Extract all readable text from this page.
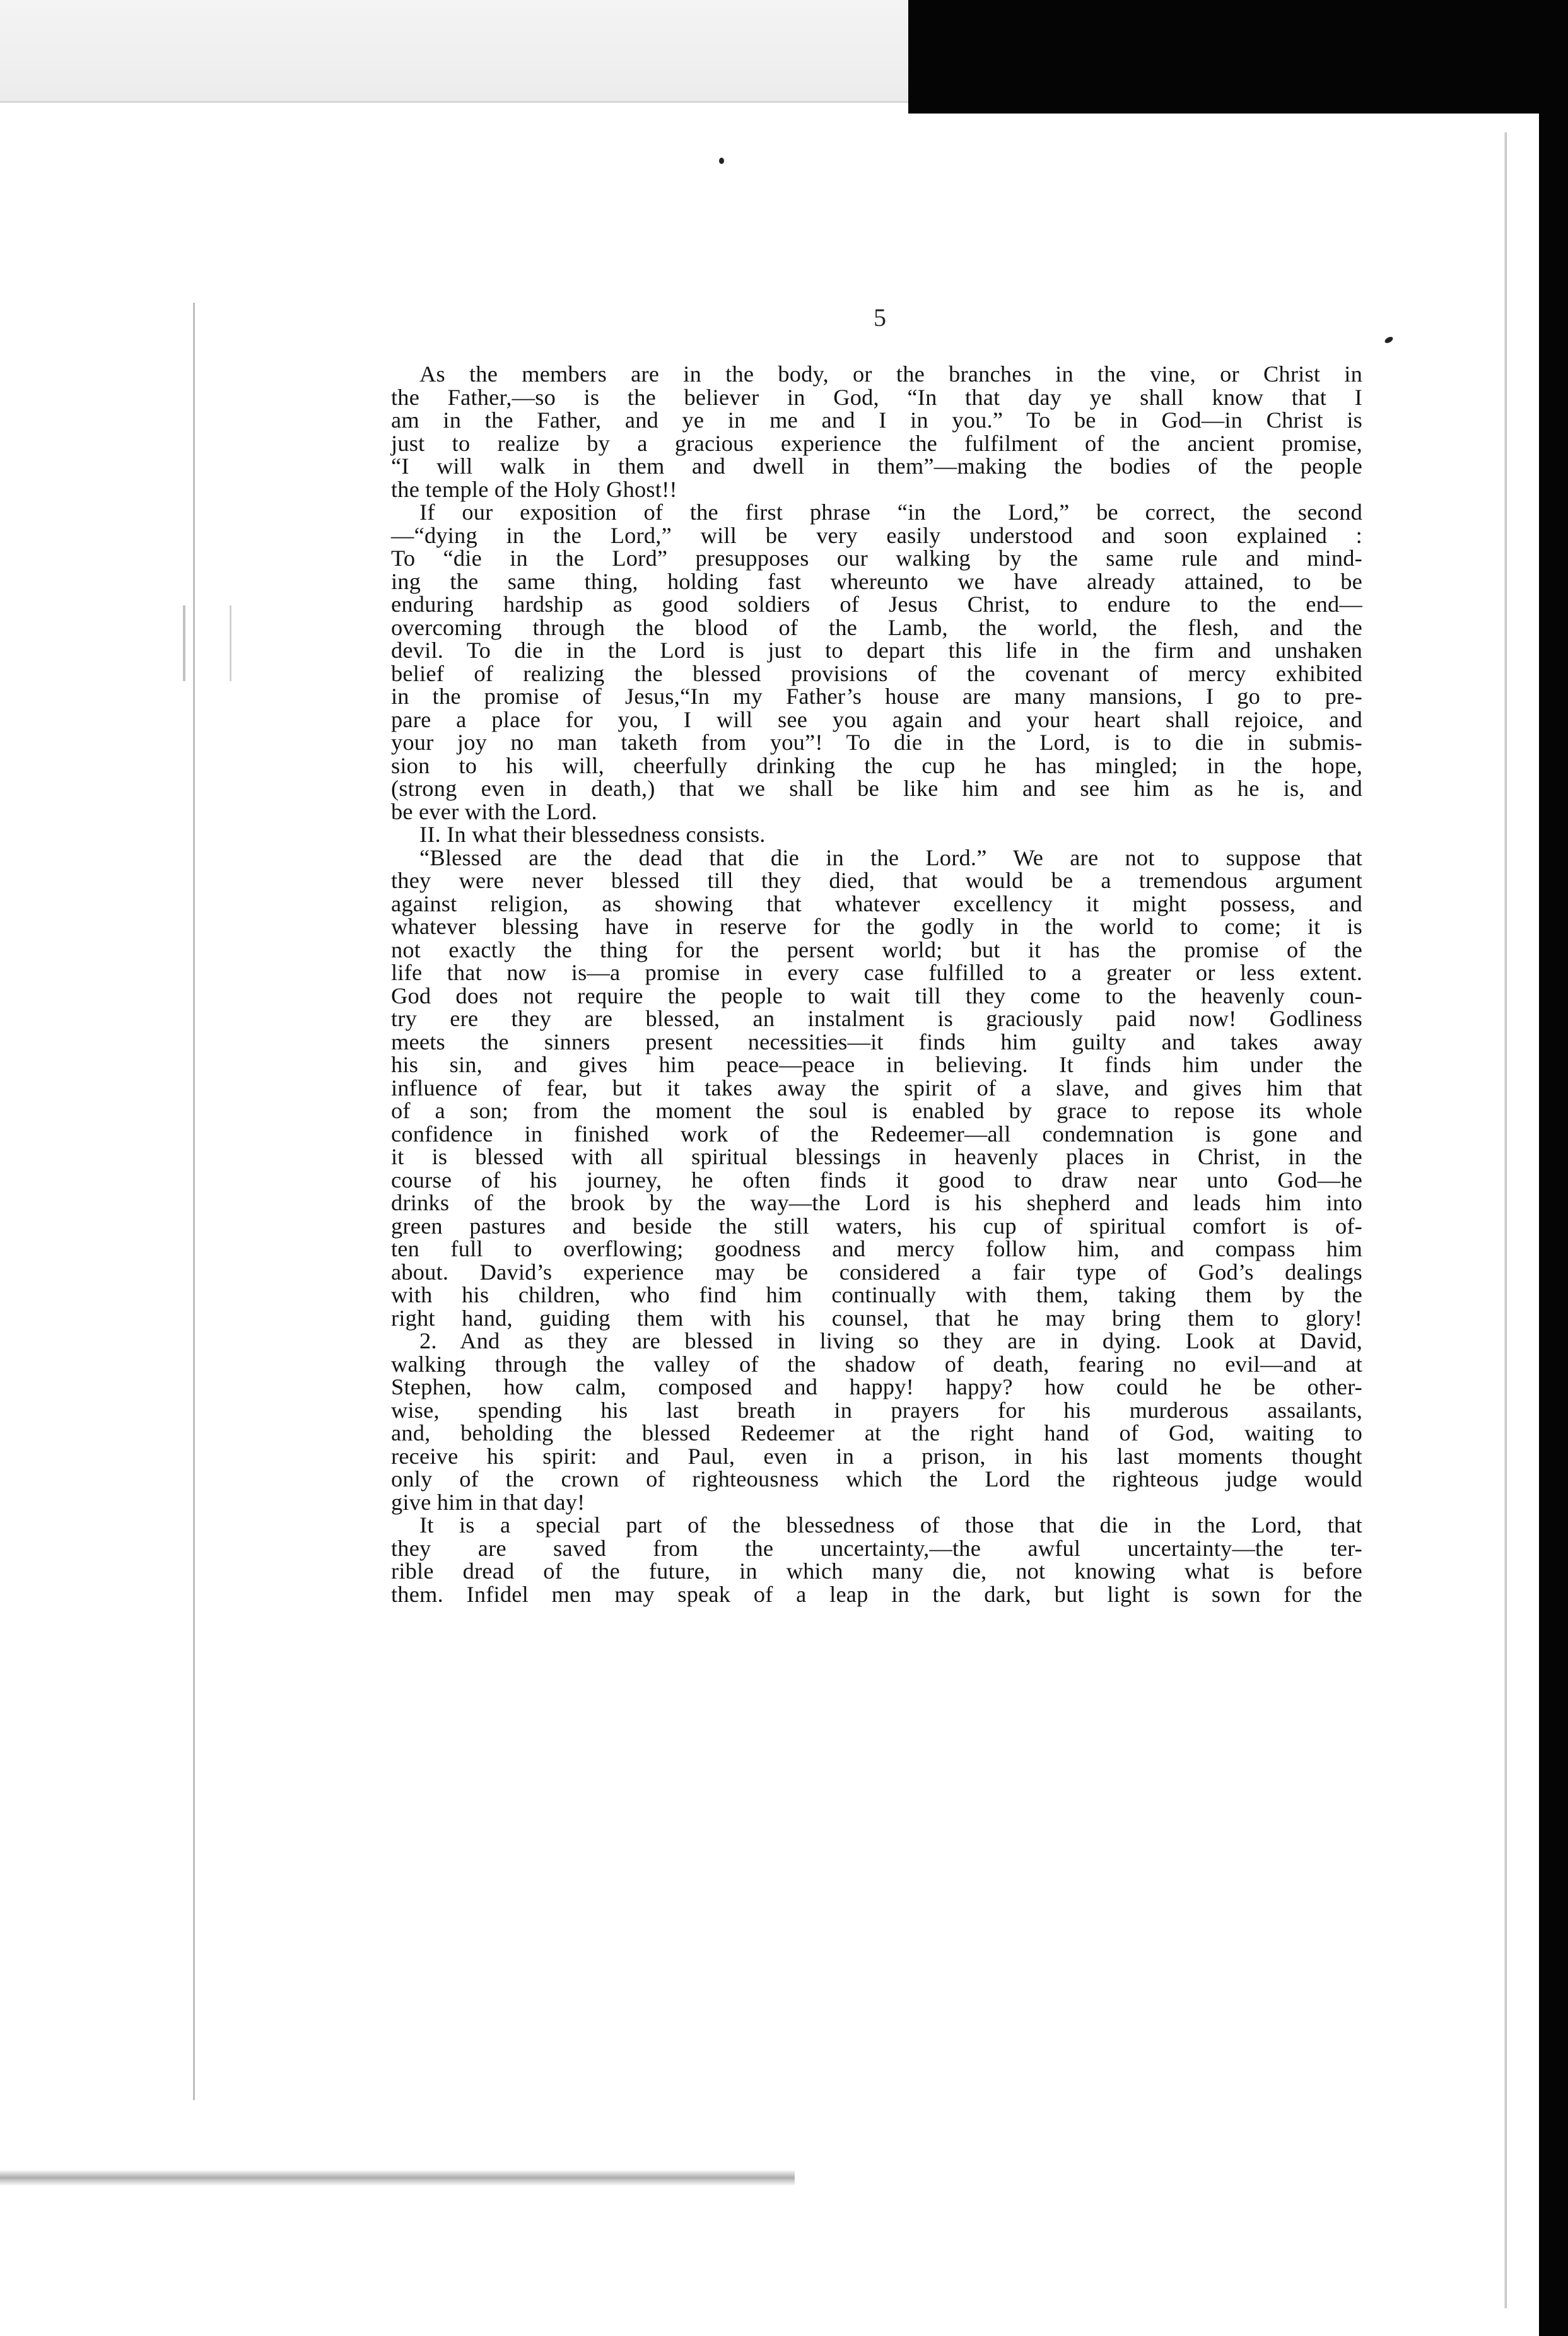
5

As the members are in the body, or the branches in the vine, or Christ in

the Father,—so is the believer in God, “In that day ye shall know that I

am in the Father, and ye in me and I in you.” To be in God—in Christ is

just to realize by a gracious experience the fulfilment of the ancient promise,

“I will walk in them and dwell in them”—making the bodies of the people

the temple of the Holy Ghost!!

If our exposition of the first phrase “in the Lord,” be correct, the second

—“dying in the Lord,” will be very easily understood and soon explained :

To “die in the Lord” presupposes our walking by the same rule and mind-

ing the same thing, holding fast whereunto we have already attained, to be

enduring hardship as good soldiers of Jesus Christ, to endure to the end—

overcoming through the blood of the Lamb, the world, the flesh, and the

devil. To die in the Lord is just to depart this life in the firm and unshaken

belief of realizing the blessed provisions of the covenant of mercy exhibited

in the promise of Jesus,“In my Father’s house are many mansions, I go to pre-

pare a place for you, I will see you again and your heart shall rejoice, and

your joy no man taketh from you”! To die in the Lord, is to die in submis-

sion to his will, cheerfully drinking the cup he has mingled; in the hope,

(strong even in death,) that we shall be like him and see him as he is, and

be ever with the Lord.

II. In what their blessedness consists.

“Blessed are the dead that die in the Lord.” We are not to suppose that

they were never blessed till they died, that would be a tremendous argument

against religion, as showing that whatever excellency it might possess, and

whatever blessing have in reserve for the godly in the world to come; it is

not exactly the thing for the persent world; but it has the promise of the

life that now is—a promise in every case fulfilled to a greater or less extent.

God does not require the people to wait till they come to the heavenly coun-

try ere they are blessed, an instalment is graciously paid now! Godliness

meets the sinners present necessities—it finds him guilty and takes away

his sin, and gives him peace—peace in believing. It finds him under the

influence of fear, but it takes away the spirit of a slave, and gives him that

of a son; from the moment the soul is enabled by grace to repose its whole

confidence in finished work of the Redeemer—all condemnation is gone and

it is blessed with all spiritual blessings in heavenly places in Christ, in the

course of his journey, he often finds it good to draw near unto God—he

drinks of the brook by the way—the Lord is his shepherd and leads him into

green pastures and beside the still waters, his cup of spiritual comfort is of-

ten full to overflowing; goodness and mercy follow him, and compass him

about. David’s experience may be considered a fair type of God’s dealings

with his children, who find him continually with them, taking them by the

right hand, guiding them with his counsel, that he may bring them to glory!

2. And as they are blessed in living so they are in dying. Look at David,

walking through the valley of the shadow of death, fearing no evil—and at

Stephen, how calm, composed and happy! happy? how could he be other-

wise, spending his last breath in prayers for his murderous assailants,

and, beholding the blessed Redeemer at the right hand of God, waiting to

receive his spirit: and Paul, even in a prison, in his last moments thought

only of the crown of righteousness which the Lord the righteous judge would

give him in that day!

It is a special part of the blessedness of those that die in the Lord, that

they are saved from the uncertainty,—the awful uncertainty—the ter-

rible dread of the future, in which many die, not knowing what is before

them. Infidel men may speak of a leap in the dark, but light is sown for the
